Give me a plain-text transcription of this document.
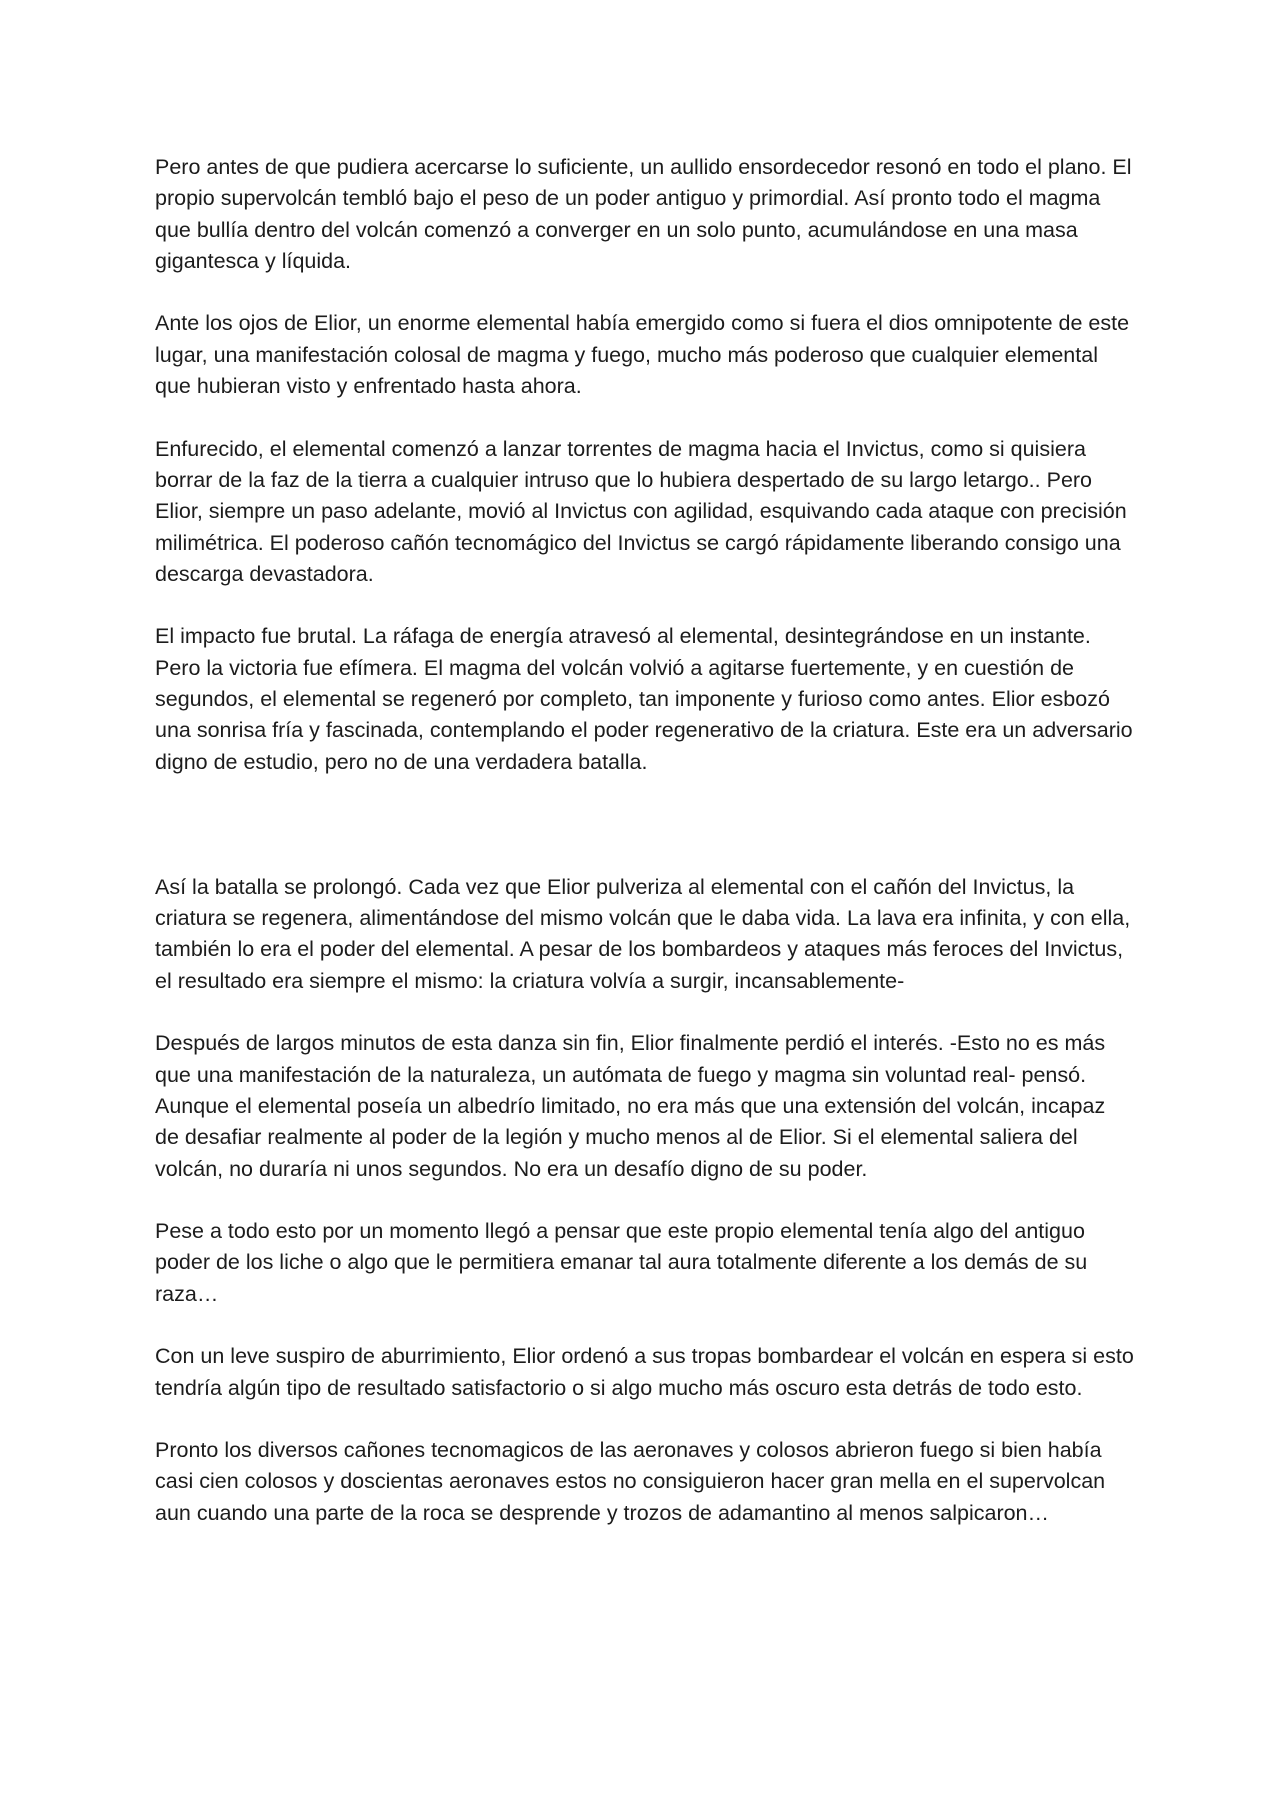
Pero antes de que pudiera acercarse lo suficiente, un aullido ensordecedor resonó en todo el plano. El propio supervolcán tembló bajo el peso de un poder antiguo y primordial. Así pronto todo el magma que bullía dentro del volcán comenzó a converger en un solo punto, acumulándose en una masa gigantesca y líquida.

Ante los ojos de Elior, un enorme elemental había emergido como si fuera el dios omnipotente de este lugar, una manifestación colosal de magma y fuego, mucho más poderoso que cualquier elemental que hubieran visto y enfrentado hasta ahora.

Enfurecido, el elemental comenzó a lanzar torrentes de magma hacia el Invictus, como si quisiera borrar de la faz de la tierra a cualquier intruso que lo hubiera despertado de su largo letargo.. Pero Elior, siempre un paso adelante, movió al Invictus con agilidad, esquivando cada ataque con precisión milimétrica. El poderoso cañón tecnomágico del Invictus se cargó rápidamente liberando consigo una descarga devastadora.

El impacto fue brutal. La ráfaga de energía atravesó al elemental, desintegrándose en un instante. Pero la victoria fue efímera. El magma del volcán volvió a agitarse fuertemente, y en cuestión de segundos, el elemental se regeneró por completo, tan imponente y furioso como antes. Elior esbozó una sonrisa fría y fascinada, contemplando el poder regenerativo de la criatura. Este era un adversario digno de estudio, pero no de una verdadera batalla.

Así la batalla se prolongó. Cada vez que Elior pulveriza al elemental con el cañón del Invictus, la criatura se regenera, alimentándose del mismo volcán que le daba vida. La lava era infinita, y con ella, también lo era el poder del elemental. A pesar de los bombardeos y ataques más feroces del Invictus, el resultado era siempre el mismo: la criatura volvía a surgir, incansablemente-

Después de largos minutos de esta danza sin fin, Elior finalmente perdió el interés. -Esto no es más que una manifestación de la naturaleza, un autómata de fuego y magma sin voluntad real- pensó. Aunque el elemental poseía un albedrío limitado, no era más que una extensión del volcán, incapaz de desafiar realmente al poder de la legión y mucho menos al de Elior. Si el elemental saliera del volcán, no duraría ni unos segundos. No era un desafío digno de su poder.

Pese a todo esto por un momento llegó a pensar que este propio elemental tenía algo del antiguo poder de los liche o algo que le permitiera emanar tal aura totalmente diferente a los demás de su raza…

Con un leve suspiro de aburrimiento, Elior ordenó a sus tropas bombardear el volcán en espera si esto tendría algún tipo de resultado satisfactorio o si algo mucho más oscuro esta detrás de todo esto.

Pronto los diversos cañones tecnomagicos de las aeronaves y colosos abrieron fuego si bien había casi cien colosos y doscientas aeronaves estos no consiguieron hacer gran mella en el supervolcan aun cuando una parte de la roca se desprende y trozos de adamantino al menos salpicaron…
